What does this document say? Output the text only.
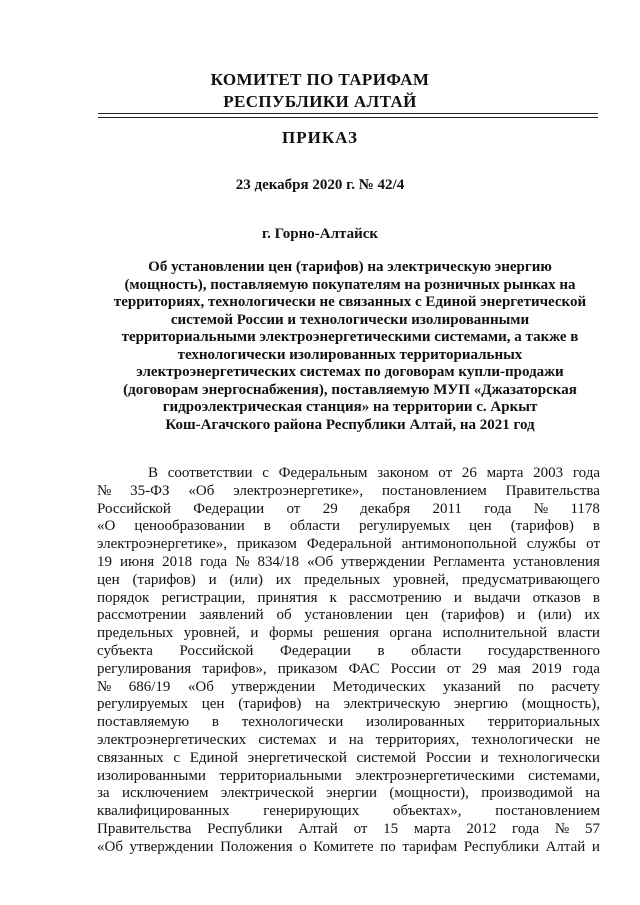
КОМИТЕТ ПО ТАРИФАМ
РЕСПУБЛИКИ АЛТАЙ
ПРИКАЗ
23 декабря 2020 г. № 42/4
г. Горно-Алтайск
Об установлении цен (тарифов) на электрическую энергию
(мощность), поставляемую покупателям на розничных рынках на
территориях, технологически не связанных с Единой энергетической
системой России и технологически изолированными
территориальными электроэнергетическими системами, а также в
технологически изолированных территориальных
электроэнергетических системах по договорам купли-продажи
(договорам энергоснабжения), поставляемую МУП «Джазаторская
гидроэлектрическая станция» на территории с. Аркыт
Кош-Агачского района Республики Алтай, на 2021 год
В соответствии с Федеральным законом от 26 марта 2003 года
№ 35-ФЗ «Об электроэнергетике», постановлением Правительства
Российской Федерации от 29 декабря 2011 года № 1178
«О ценообразовании в области регулируемых цен (тарифов) в
электроэнергетике», приказом Федеральной антимонопольной службы от
19 июня 2018 года № 834/18 «Об утверждении Регламента установления
цен (тарифов) и (или) их предельных уровней, предусматривающего
порядок регистрации, принятия к рассмотрению и выдачи отказов в
рассмотрении заявлений об установлении цен (тарифов) и (или) их
предельных уровней, и формы решения органа исполнительной власти
субъекта Российской Федерации в области государственного
регулирования тарифов», приказом ФАС России от 29 мая 2019 года
№ 686/19 «Об утверждении Методических указаний по расчету
регулируемых цен (тарифов) на электрическую энергию (мощность),
поставляемую в технологически изолированных территориальных
электроэнергетических системах и на территориях, технологически не
связанных с Единой энергетической системой России и технологически
изолированными территориальными электроэнергетическими системами,
за исключением электрической энергии (мощности), производимой на
квалифицированных генерирующих объектах», постановлением
Правительства Республики Алтай от 15 марта 2012 года № 57
«Об утверждении Положения о Комитете по тарифам Республики Алтай и
